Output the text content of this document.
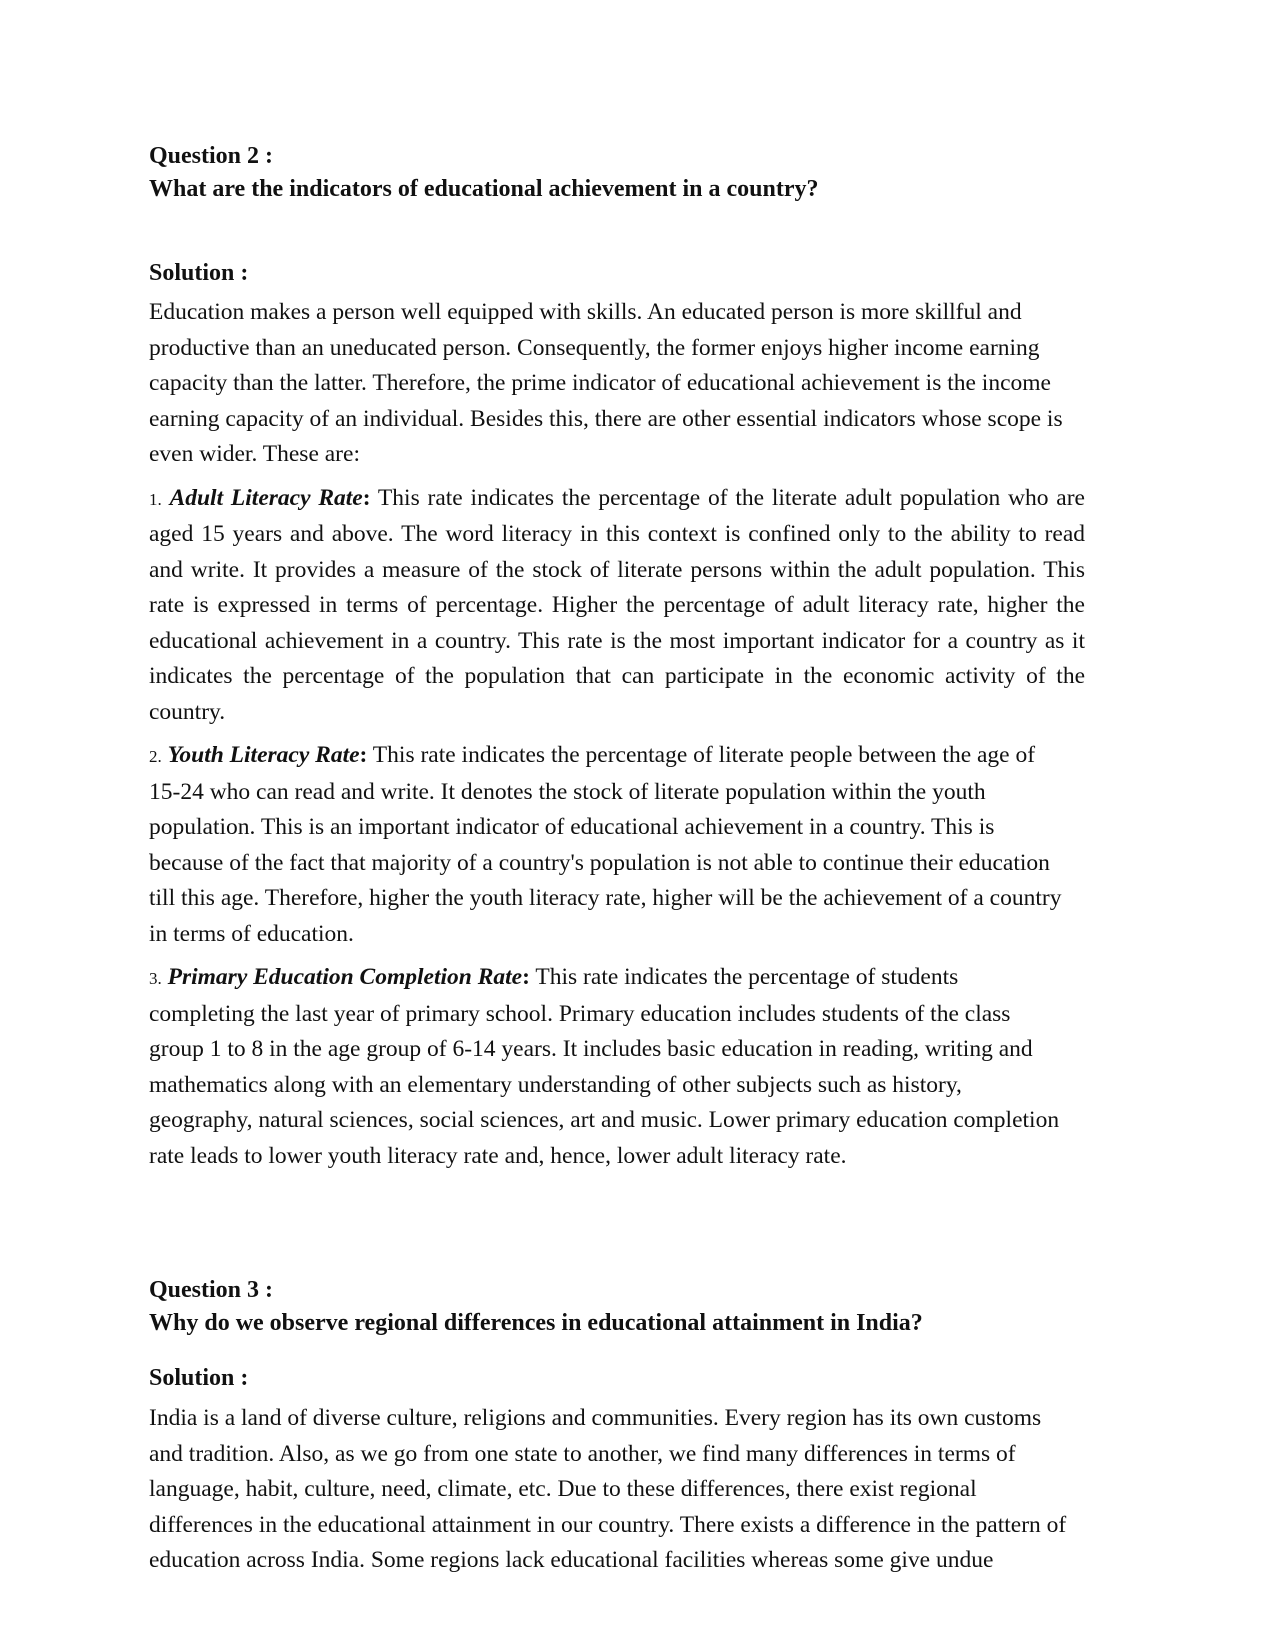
Question 2 :

What are the indicators of educational achievement in a country?

Solution :

Education makes a person well equipped with skills. An educated person is more skillful and productive than an uneducated person. Consequently, the former enjoys higher income earning capacity than the latter. Therefore, the prime indicator of educational achievement is the income earning capacity of an individual. Besides this, there are other essential indicators whose scope is even wider. These are:

1. Adult Literacy Rate: This rate indicates the percentage of the literate adult population who are aged 15 years and above. The word literacy in this context is confined only to the ability to read and write. It provides a measure of the stock of literate persons within the adult population. This rate is expressed in terms of percentage. Higher the percentage of adult literacy rate, higher the educational achievement in a country. This rate is the most important indicator for a country as it indicates the percentage of the population that can participate in the economic activity of the country.

2. Youth Literacy Rate: This rate indicates the percentage of literate people between the age of 15-24 who can read and write. It denotes the stock of literate population within the youth population. This is an important indicator of educational achievement in a country. This is because of the fact that majority of a country's population is not able to continue their education till this age. Therefore, higher the youth literacy rate, higher will be the achievement of a country in terms of education.

3. Primary Education Completion Rate: This rate indicates the percentage of students completing the last year of primary school. Primary education includes students of the class group 1 to 8 in the age group of 6-14 years. It includes basic education in reading, writing and mathematics along with an elementary understanding of other subjects such as history, geography, natural sciences, social sciences, art and music. Lower primary education completion rate leads to lower youth literacy rate and, hence, lower adult literacy rate.

Question 3 :

Why do we observe regional differences in educational attainment in India?

Solution :

India is a land of diverse culture, religions and communities. Every region has its own customs and tradition. Also, as we go from one state to another, we find many differences in terms of language, habit, culture, need, climate, etc. Due to these differences, there exist regional differences in the educational attainment in our country. There exists a difference in the pattern of education across India. Some regions lack educational facilities whereas some give undue
